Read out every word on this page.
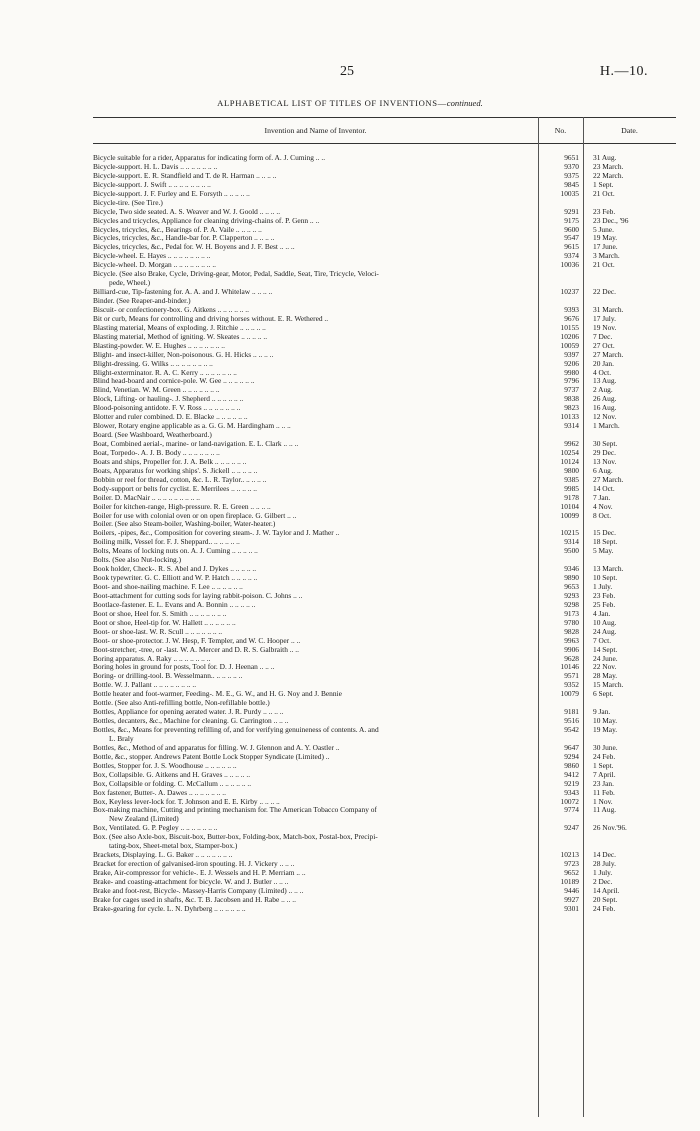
25	H.—10.
ALPHABETICAL LIST OF TITLES OF INVENTIONS—continued.
Invention and Name of Inventor.	No.	Date.
Bicycle suitable for a rider, Apparatus for indicating form of. A. J. Cuming .. ..	9651 31 Aug.
Bicycle-support. H. L. Davis .. .. .. .. .. .. ..	9370 23 March.
Bicycle-support. E. R. Standfield and T. de R. Harman .. .. .. ..	9375 22 March.
Bicycle-support. J. Swift .. .. .. .. .. .. .. ..	9845 1 Sept.
Bicycle-support. J. F. Furley and E. Forsyth .. .. .. .. ..	10035 21 Oct.
Bicycle-tire. (See Tire.)
Bicycle, Two side seated. A. S. Weaver and W. J. Goold .. .. .. ..	9291 23 Feb.
Bicycles and tricycles, Appliance for cleaning driving-chains of. P. Genn .. ..	9175 23 Dec., '96
Bicycles, tricycles, &c., Bearings of. P. A. Vaile .. .. .. .. ..	9600 5 June.
Bicycles, tricycles, &c., Handle-bar for. P. Clapperton .. .. .. ..	9547 19 May.
Bicycles, tricycles, &c., Pedal for. W. H. Boyens and J. F. Best .. .. ..	9615 17 June.
Bicycle-wheel. E. Hayes .. .. .. .. .. .. .. ..	9374 3 March.
Bicycle-wheel. D. Morgan .. .. .. .. .. .. .. ..	10036 21 Oct.
Bicycle. (See also Brake, Cycle, Driving-gear, Motor, Pedal, Saddle, Seat, Tire, Tricycle, Veloci-
pede, Wheel.)
Billiard-cue, Tip-fastening for. A. A. and J. Whitelaw .. .. .. ..	10237 22 Dec.
Binder. (See Reaper-and-binder.)
Biscuit- or confectionery-box. G. Aitkens .. .. .. .. .. ..	9393 31 March.
Bit or curb, Means for controlling and driving horses without. E. R. Wethered ..	9676 17 July.
Blasting material, Means of exploding. J. Ritchie .. .. .. .. ..	10155 19 Nov.
Blasting material, Method of igniting. W. Skeates .. .. .. .. ..	10206 7 Dec.
Blasting-powder. W. E. Hughes .. .. .. .. .. .. ..	10059 27 Oct.
Blight- and insect-killer, Non-poisonous. G. H. Hicks .. .. .. ..	9397 27 March.
Blight-dressing. G. Wilks .. .. .. .. .. .. .. ..	9206 20 Jan.
Blight-exterminator. R. A. C. Kerry .. .. .. .. .. .. ..	9980 4 Oct.
Blind head-board and cornice-pole. W. Gee .. .. .. .. .. ..	9796 13 Aug.
Blind, Venetian. W. M. Green .. .. .. .. .. .. ..	9737 2 Aug.
Block, Lifting- or hauling-. J. Shepherd .. .. .. .. .. ..	9838 26 Aug.
Blood-poisoning antidote. F. V. Ross .. .. .. .. .. .. ..	9823 16 Aug.
Blotter and ruler combined. D. E. Blacke .. .. .. .. .. ..	10133 12 Nov.
Blower, Rotary engine applicable as a. G. G. M. Hardingham .. .. ..	9314 1 March.
Board. (See Washboard, Weatherboard.)
Boat, Combined aerial-, marine- or land-navigation. E. L. Clark .. .. ..	9962 30 Sept.
Boat, Torpedo-. A. J. B. Body .. .. .. .. .. .. ..	10254 29 Dec.
Boats and ships, Propeller for. J. A. Belk .. .. .. .. .. ..	10124 13 Nov.
Boats, Apparatus for working ships'. S. Jickell .. .. .. .. ..	9800 6 Aug.
Bobbin or reel for thread, cotton, &c. L. R. Taylor.. .. .. .. ..	9385 27 March.
Body-support or belts for cyclist. E. Merrilees .. .. .. .. ..	9985 14 Oct.
Boiler. D. MacNair .. .. .. .. .. .. .. .. ..	9178 7 Jan.
Boiler for kitchen-range, High-pressure. R. E. Green .. .. .. ..	10104 4 Nov.
Boiler for use with colonial oven or on open fireplace. G. Gilbert .. ..	10099 8 Oct.
Boiler. (See also Steam-boiler, Washing-boiler, Water-heater.)
Boilers, -pipes, &c., Composition for covering steam-. J. W. Taylor and J. Mather ..	10215 15 Dec.
Boiling milk, Vessel for. F. J. Sheppard.. .. .. .. .. ..	9314 18 Sept.
Bolts, Means of locking nuts on. A. J. Cuming .. .. .. .. ..	9500 5 May.
Bolts. (See also Nut-locking.)
Book holder, Check-. R. S. Abel and J. Dykes .. .. .. .. ..	9346 13 March.
Book typewriter. G. C. Elliott and W. P. Hatch .. .. .. .. ..	9890 10 Sept.
Boot- and shoe-nailing machine. F. Lee .. .. .. .. .. ..	9653 1 July.
Boot-attachment for cutting sods for laying rabbit-poison. C. Johns .. ..	9293 23 Feb.
Bootlace-fastener. E. L. Evans and A. Bonnin .. .. .. .. ..	9298 25 Feb.
Boot or shoe, Heel for. S. Smith .. .. .. .. .. .. ..	9173 4 Jan.
Boot or shoe, Heel-tip for. W. Hallett .. .. .. .. .. ..	9780 10 Aug.
Boot- or shoe-last. W. R. Scull .. .. .. .. .. .. ..	9828 24 Aug.
Boot- or shoe-protector. J. W. Hesp, F. Templer, and W. C. Hooper .. ..	9963 7 Oct.
Boot-stretcher, -tree, or -last. W. A. Mercer and D. R. S. Galbraith .. ..	9906 14 Sept.
Boring apparatus. A. Raky .. .. .. .. .. .. ..	9628 24 June.
Boring holes in ground for posts, Tool for. D. J. Heenan .. .. ..	10146 22 Nov.
Boring- or drilling-tool. B. Wesselmann.. .. .. .. .. ..	9571 28 May.
Bottle. W. J. Pallant .. .. .. .. .. .. .. ..	9352 15 March.
Bottle heater and foot-warmer, Feeding-. M. E., G. W., and H. G. Noy and J. Bennie	10079 6 Sept.
Bottle. (See also Anti-refilling bottle, Non-refillable bottle.)
Bottles, Appliance for opening aerated water. J. R. Purdy .. .. .. ..	9181 9 Jan.
Bottles, decanters, &c., Machine for cleaning. G. Carrington .. .. ..	9516 10 May.
Bottles, &c., Means for preventing refilling of, and for verifying genuineness of contents. A. and	9542 19 May.
L. Braly
Bottles, &c., Method of and apparatus for filling. W. J. Glennon and A. Y. Oastler ..	9647 30 June.
Bottle, &c., stopper. Andrews Patent Bottle Lock Stopper Syndicate (Limited) ..	9294 24 Feb.
Bottles, Stopper for. J. S. Woodhouse .. .. .. .. .. ..	9860 1 Sept.
Box, Collapsible. G. Aitkens and H. Graves .. .. .. .. ..	9412 7 April.
Box, Collapsible or folding. C. McCallum .. .. .. .. .. ..	9219 23 Jan.
Box fastener, Butter-. A. Dawes .. .. .. .. .. .. ..	9343 11 Feb.
Box, Keyless lever-lock for. T. Johnson and E. E. Kirby .. .. .. ..	10072 1 Nov.
Box-making machine, Cutting and printing mechanism for. The American Tobacco Company of	9774 11 Aug.
New Zealand (Limited)
Box, Ventilated. G. P. Pegley .. .. .. .. .. .. ..	9247 26 Nov.'96.
Box. (See also Axle-box, Biscuit-box, Butter-box, Folding-box, Match-box, Postal-box, Precipi-
tating-box, Sheet-metal box, Stamper-box.)
Brackets, Displaying. L. G. Baker .. .. .. .. .. .. ..	10213 14 Dec.
Bracket for erection of galvanised-iron spouting. H. J. Vickery .. .. ..	9723 28 July.
Brake, Air-compressor for vehicle-. E. J. Wessels and H. P. Merriam .. ..	9652 1 July.
Brake- and coasting-attachment for bicycle. W. and J. Butler .. .. ..	10189 2 Dec.
Brake and foot-rest, Bicycle-. Massey-Harris Company (Limited) .. .. ..	9446 14 April.
Brake for cages used in shafts, &c. T. B. Jacobsen and H. Rabe .. .. ..	9927 20 Sept.
Brake-gearing for cycle. L. N. Dyhrberg .. .. .. .. .. ..	9301 24 Feb.
